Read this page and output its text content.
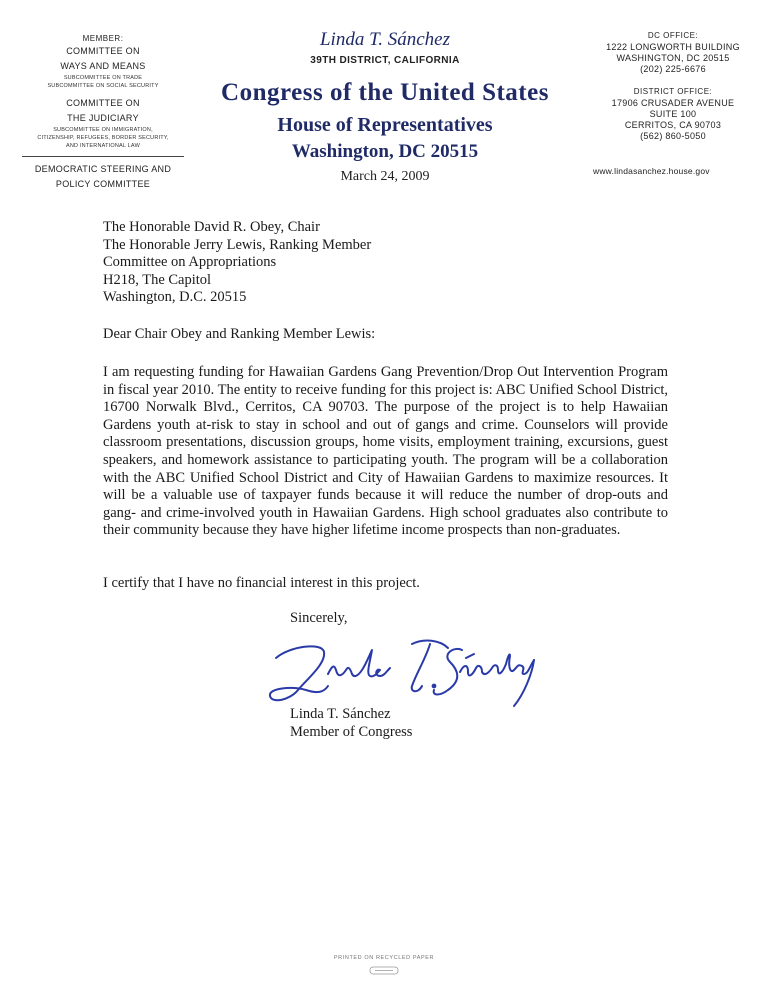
MEMBER:
COMMITTEE ON
WAYS AND MEANS
SUBCOMMITTEE ON TRADE
SUBCOMMITTEE ON SOCIAL SECURITY
COMMITTEE ON
THE JUDICIARY
SUBCOMMITTEE ON IMMIGRATION,
CITIZENSHIP, REFUGEES, BORDER SECURITY,
AND INTERNATIONAL LAW
DEMOCRATIC STEERING AND
POLICY COMMITTEE
Linda T. Sánchez
39TH DISTRICT, CALIFORNIA
Congress of the United States
House of Representatives
Washington, DC 20515
March 24, 2009
DC OFFICE:
1222 LONGWORTH BUILDING
WASHINGTON, DC 20515
(202) 225-6676
DISTRICT OFFICE:
17906 CRUSADER AVENUE
SUITE 100
CERRITOS, CA 90703
(562) 860-5050
www.lindasanchez.house.gov
The Honorable David R. Obey, Chair
The Honorable Jerry Lewis, Ranking Member
Committee on Appropriations
H218, The Capitol
Washington, D.C. 20515
Dear Chair Obey and Ranking Member Lewis:
I am requesting funding for Hawaiian Gardens Gang Prevention/Drop Out Intervention Program in fiscal year 2010. The entity to receive funding for this project is: ABC Unified School District, 16700 Norwalk Blvd., Cerritos, CA 90703. The purpose of the project is to help Hawaiian Gardens youth at-risk to stay in school and out of gangs and crime. Counselors will provide classroom presentations, discussion groups, home visits, employment training, excursions, guest speakers, and homework assistance to participating youth. The program will be a collaboration with the ABC Unified School District and City of Hawaiian Gardens to maximize resources. It will be a valuable use of taxpayer funds because it will reduce the number of drop-outs and gang- and crime-involved youth in Hawaiian Gardens. High school graduates also contribute to their community because they have higher lifetime income prospects than non-graduates.
I certify that I have no financial interest in this project.
Sincerely,
Linda T. Sánchez
Member of Congress
PRINTED ON RECYCLED PAPER
